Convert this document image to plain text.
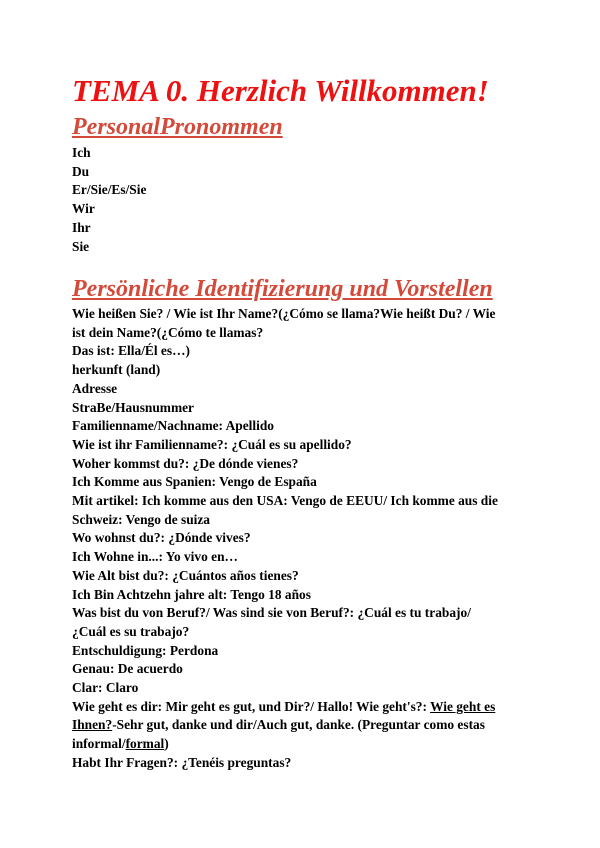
TEMA 0. Herzlich Willkommen!
PersonalPronommen
Ich
Du
Er/Sie/Es/Sie
Wir
Ihr
Sie
Persönliche Identifizierung und Vorstellen
Wie heißen Sie? / Wie ist Ihr Name?(¿Cómo se llama?Wie heißt Du? / Wie
ist dein Name?(¿Cómo te llamas?
Das ist: Ella/Él es…)
herkunft (land)
Adresse
StraBe/Hausnummer
Familienname/Nachname: Apellido
Wie ist ihr Familienname?: ¿Cuál es su apellido?
Woher kommst du?: ¿De dónde vienes?
Ich Komme aus Spanien: Vengo de España
Mit artikel: Ich komme aus den USA: Vengo de EEUU/ Ich komme aus die
Schweiz: Vengo de suiza
Wo wohnst du?: ¿Dónde vives?
Ich Wohne in...: Yo vivo en…
Wie Alt bist du?: ¿Cuántos años tienes?
Ich Bin Achtzehn jahre alt: Tengo 18 años
Was bist du von Beruf?/ Was sind sie von Beruf?: ¿Cuál es tu trabajo/
¿Cuál es su trabajo?
Entschuldigung: Perdona
Genau: De acuerdo
Clar: Claro
Wie geht es dir: Mir geht es gut, und Dir?/ Hallo! Wie geht's?: Wie geht es
Ihnen?-Sehr gut, danke und dir/Auch gut, danke. (Preguntar como estas
informal/formal)
Habt Ihr Fragen?: ¿Tenéis preguntas?
